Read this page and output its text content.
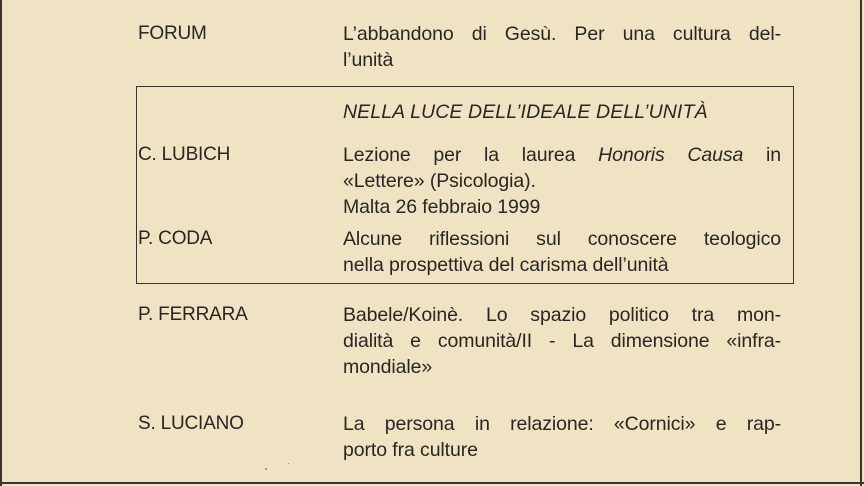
FORUM	L’abbandono di Gesù. Per una cultura del-
l’unità
NELLA LUCE DELL’IDEALE DELL’UNITÀ
C. LUBICH	Lezione per la laurea Honoris Causa in
«Lettere» (Psicologia).
Malta 26 febbraio 1999
P. CODA	Alcune riflessioni sul conoscere teologico
nella prospettiva del carisma dell’unità
P. FERRARA	Babele/Koinè. Lo spazio politico tra mon-
dialità e comunità/II - La dimensione «infra-
mondiale»
S. LUCIANO	La persona in relazione: «Cornici» e rap-
porto fra culture
